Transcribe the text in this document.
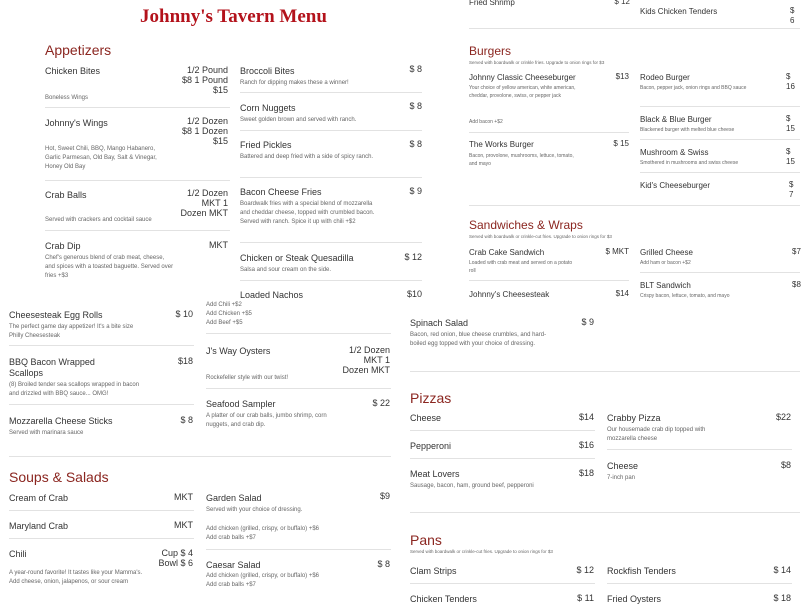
Johnny's Tavern Menu
Appetizers
Chicken Bites	1/2 Pound
$8 1 Pound
$15
Boneless Wings
Johnny's Wings	1/2 Dozen
$8 1 Dozen
$15
Hot, Sweet Chili, BBQ, Mango Habanero, Garlic Parmesan, Old Bay, Salt & Vinegar, Honey Old Bay
Crab Balls	1/2 Dozen
MKT 1
Dozen MKT
Served with crackers and cocktail sauce
Crab Dip	MKT
Chef's generous blend of crab meat, cheese, and spices with a toasted baguette. Served over fries +$3
Broccoli Bites	$ 8
Ranch for dipping makes these a winner!
Corn Nuggets	$ 8
Sweet golden brown and served with ranch.
Fried Pickles	$ 8
Battered and deep fried with a side of spicy ranch.
Bacon Cheese Fries	$ 9
Boardwalk fries with a special blend of mozzarella and cheddar cheese, topped with crumbled bacon. Served with ranch. Spice it up with chili +$2
Chicken or Steak Quesadilla	$ 12
Salsa and sour cream on the side.
Loaded Nachos	$10
Add Chili +$2
Add Chicken +$5
Add Beef +$5
Cheesesteak Egg Rolls	$ 10
The perfect game day appetizer! It's a bite size Philly Cheesesteak
BBQ Bacon Wrapped
Scallops
$18
(8) Broiled tender sea scallops wrapped in bacon and drizzled with BBQ sauce... OMG!
Mozzarella Cheese Sticks	$ 8
Served with marinara sauce
J's Way Oysters	1/2 Dozen
MKT 1
Dozen MKT
Rockefeller style with our twist!
Seafood Sampler	$ 22
A platter of our crab balls, jumbo shrimp, corn nuggets, and crab dip.
Soups & Salads
Cream of Crab	MKT
Maryland Crab	MKT
Chili	Cup $ 4
Bowl $ 6
A year-round favorite! It tastes like your Mamma's. Add cheese, onion, jalapenos, or sour cream
Garden Salad	$9
Served with your choice of dressing.
Add chicken (grilled, crispy, or buffalo) +$6
Add crab balls +$7
Caesar Salad	$ 8
Add chicken (grilled, crispy, or buffalo) +$6
Add crab balls +$7
Fried Shrimp	$ 12
Kids Chicken Tenders	$ 6
Burgers
Served with boardwalk or crinkle fries. Upgrade to onion rings for $3
Johnny Classic Cheeseburger	$13
Your choice of yellow american, white american, cheddar, provolone, swiss, or pepper jack
Add bacon +$2
The Works Burger	$ 15
Bacon, provolone, mushrooms, lettuce, tomato, and mayo
Rodeo Burger	$ 16
Bacon, pepper jack, onion rings and BBQ sauce
Black & Blue Burger	$ 15
Blackened burger with melted blue cheese
Mushroom & Swiss	$ 15
Smothered in mushrooms and swiss cheese
Kid's Cheeseburger	$ 7
Sandwiches & Wraps
Served with boardwalk or crinkle-cut fries. Upgrade to onion rings for $3
Crab Cake Sandwich	$ MKT
Loaded with crab meat and served on a potato roll
Johnny's Cheesesteak	$14
Grilled Cheese	$7
Add ham or bacon +$2
BLT Sandwich	$8
Crispy bacon, lettuce, tomato, and mayo
Spinach Salad	$ 9
Bacon, red onion, blue cheese crumbles, and hard-boiled egg topped with your choice of dressing.
Pizzas
Cheese	$14
Pepperoni	$16
Meat Lovers	$18
Sausage, bacon, ham, ground beef, pepperoni
Crabby Pizza	$22
Our housemade crab dip topped with mozzarella cheese
Cheese	$8
7-inch pan
Pans
Served with boardwalk or crinkle-cut fries. Upgrade to onion rings for $3
Clam Strips	$ 12
Chicken Tenders	$ 11
Rockfish Tenders	$ 14
Fried Oysters	$ 18
